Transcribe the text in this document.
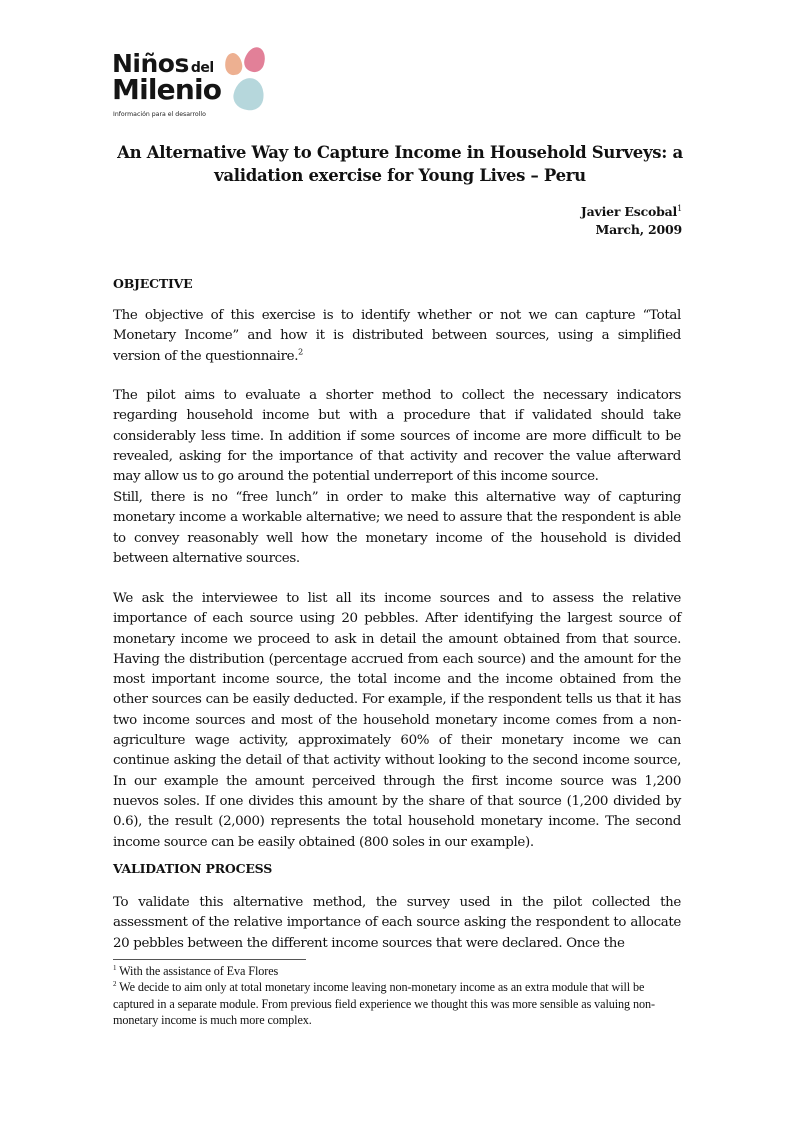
Niños del
Milenio
Información para el desarrollo
An Alternative Way to Capture Income in Household Surveys: a validation exercise for Young Lives – Peru
Javier Escobal$^1$
March, 2009
OBJECTIVE

The objective of this exercise is to identify whether or not we can capture “Total Monetary Income” and how it is distributed between sources, using a simplified version of the questionnaire.$^2$

The pilot aims to evaluate a shorter method to collect the necessary indicators regarding household income but with a procedure that if validated should take considerably less time. In addition if some sources of income are more difficult to be revealed, asking for the importance of that activity and recover the value afterward may allow us to go around the potential underreport of this income source.

Still, there is no “free lunch” in order to make this alternative way of capturing monetary income a workable alternative; we need to assure that the respondent is able to convey reasonably well how the monetary income of the household is divided between alternative sources.

We ask the interviewee to list all its income sources and to assess the relative importance of each source using 20 pebbles. After identifying the largest source of monetary income we proceed to ask in detail the amount obtained from that source. Having the distribution (percentage accrued from each source) and the amount for the most important income source, the total income and the income obtained from the other sources can be easily deducted. For example, if the respondent tells us that it has two income sources and most of the household monetary income comes from a non-agriculture wage activity, approximately 60% of their monetary income we can continue asking the detail of that activity without looking to the second income source, In our example the amount perceived through the first income source was 1,200 nuevos soles. If one divides this amount by the share of that source (1,200 divided by 0.6), the result (2,000) represents the total household monetary income. The second income source can be easily obtained (800 soles in our example).

VALIDATION PROCESS

To validate this alternative method, the survey used in the pilot collected the assessment of the relative importance of each source asking the respondent to allocate 20 pebbles between the different income sources that were declared. Once the

$^1$ With the assistance of Eva Flores

$^2$ We decide to aim only at total monetary income leaving non-monetary income as an extra module that will be captured in a separate module. From previous field experience we thought this was more sensible as valuing non-monetary income is much more complex.
